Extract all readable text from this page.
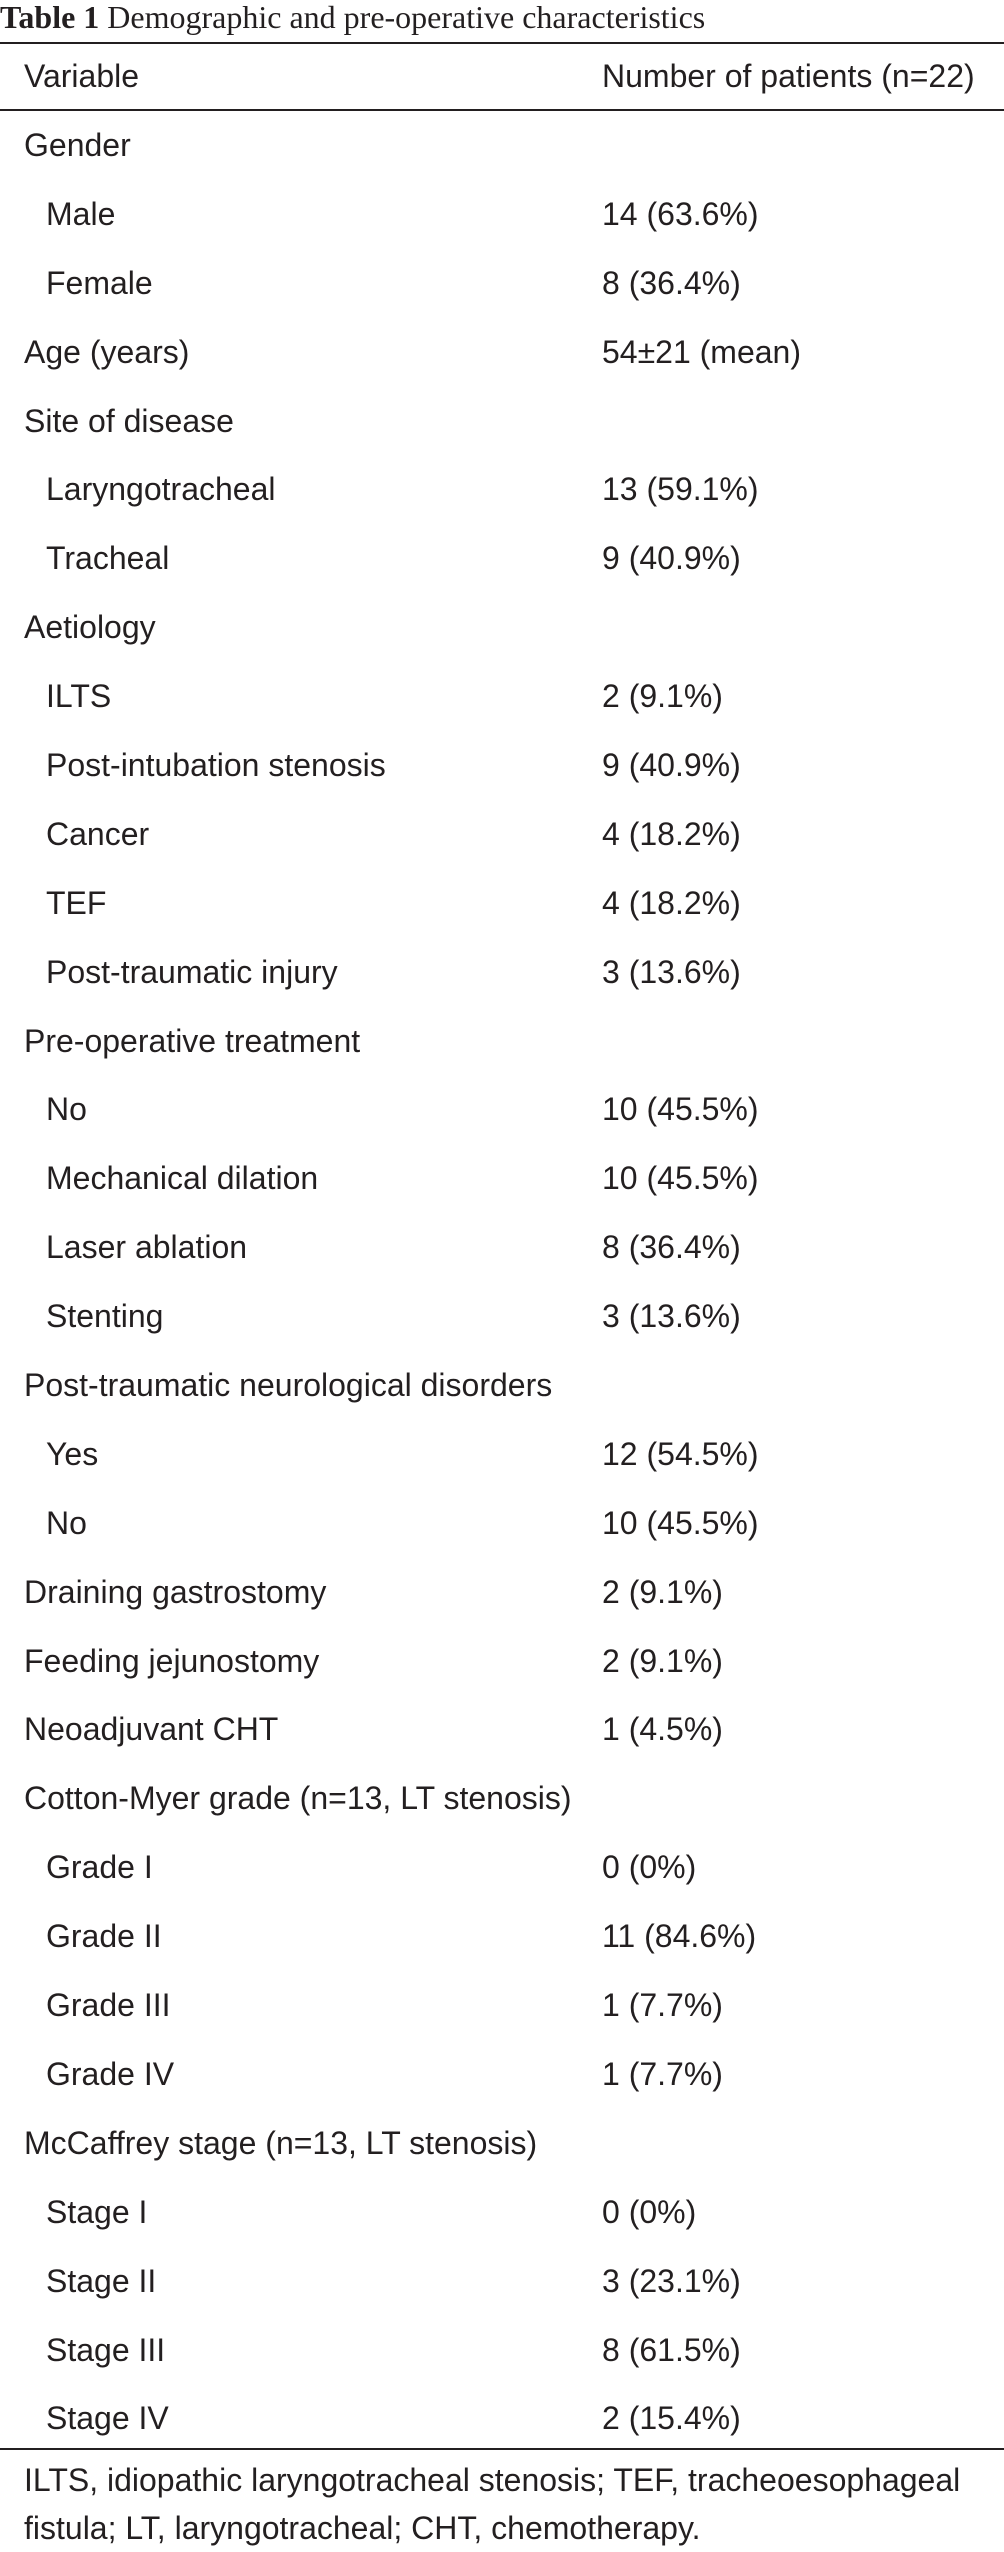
Table 1 Demographic and pre-operative characteristics
Variable	Number of patients (n=22)
Gender
Male	14 (63.6%)
Female	8 (36.4%)
Age (years)	54±21 (mean)
Site of disease
Laryngotracheal	13 (59.1%)
Tracheal	9 (40.9%)
Aetiology
ILTS	2 (9.1%)
Post-intubation stenosis	9 (40.9%)
Cancer	4 (18.2%)
TEF	4 (18.2%)
Post-traumatic injury	3 (13.6%)
Pre-operative treatment
No	10 (45.5%)
Mechanical dilation	10 (45.5%)
Laser ablation	8 (36.4%)
Stenting	3 (13.6%)
Post-traumatic neurological disorders
Yes	12 (54.5%)
No	10 (45.5%)
Draining gastrostomy	2 (9.1%)
Feeding jejunostomy	2 (9.1%)
Neoadjuvant CHT	1 (4.5%)
Cotton-Myer grade (n=13, LT stenosis)
Grade I	0 (0%)
Grade II	11 (84.6%)
Grade III	1 (7.7%)
Grade IV	1 (7.7%)
McCaffrey stage (n=13, LT stenosis)
Stage I	0 (0%)
Stage II	3 (23.1%)
Stage III	8 (61.5%)
Stage IV	2 (15.4%)
ILTS, idiopathic laryngotracheal stenosis; TEF, tracheoesophageal fistula; LT, laryngotracheal; CHT, chemotherapy.
